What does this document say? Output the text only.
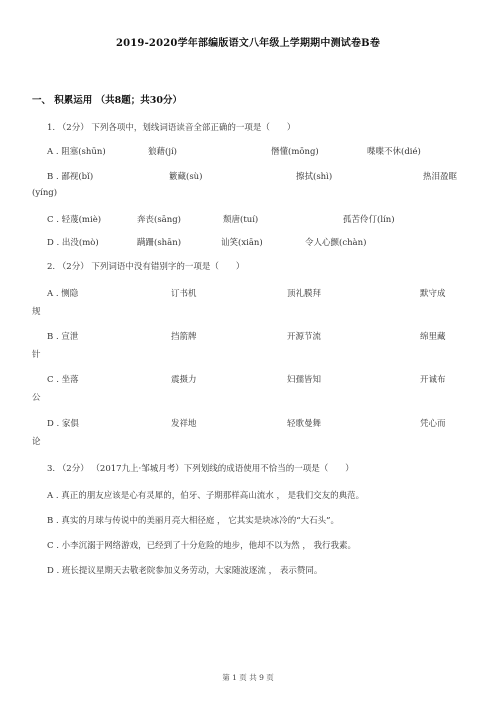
2019-2020学年部编版语文八年级上学期期中测试卷B卷
一、 积累运用 （共8题；共30分）
1. （2分） 下列各项中，划线词语读音全部正确的一项是（　　）
A . 阻塞(shūn)	狼藉(jí)	僭懂(mōng)	喋喋不休(dié)
B . 鄙视(bǐ)	籔藏(sù)	擦拭(shì)	热泪盈眶
(yíng)
C . 轻蔑(miè)	奔丧(sāng)	颓唐(tuí)	孤苦伶仃(lín)
D . 出没(mò)	蹒跚(shān)	讪笑(xiān)	令人心颤(chàn)
2. （2分） 下列词语中没有错别字的一项是（　　）
A . 恻隐	订书机	顶礼膜拜	默守成
规
B . 宣泄	挡箭牌	开源节流	绵里藏
针
C . 坐落	震摄力	妇孺皆知	开诚布
公
D . 家俱	发祥地	轻歌曼舞	凭心而
论
3. （2分） （2017九上·邹城月考）下列划线的成语使用不恰当的一项是（　　）
A . 真正的朋友应该是心有灵犀的，伯牙、子期那样高山流水 ， 是我们交友的典范。
B . 真实的月球与传说中的美丽月亮大相径庭 ， 它其实是块冰冷的“大石头”。
C . 小李沉溺于网络游戏，已经到了十分危险的地步，他却不以为然 ， 我行我素。
D . 班长提议星期天去敬老院参加义务劳动，大家随波逐流 ， 表示赞同。
第 1 页 共 9 页
